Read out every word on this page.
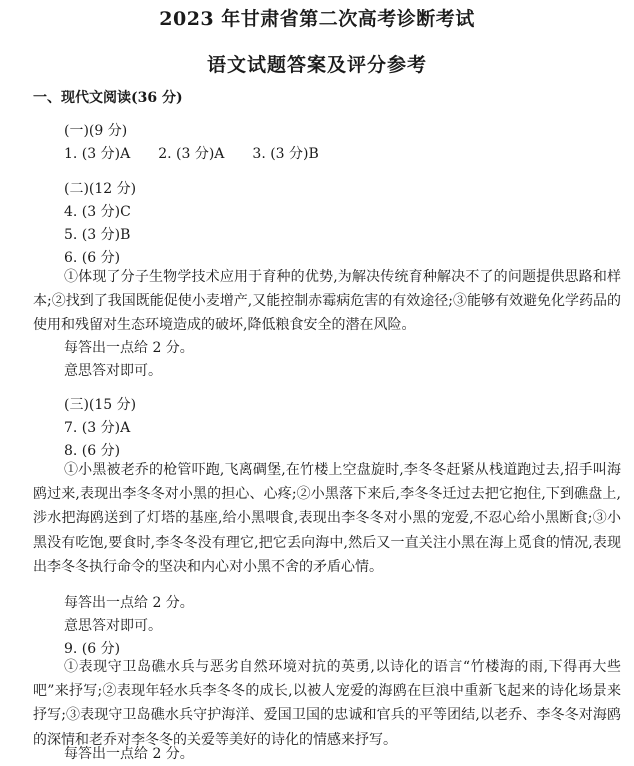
2023 年甘肃省第二次高考诊断考试
语文试题答案及评分参考
一、现代文阅读(36 分)
(一)(9 分)
1. (3 分)A 2. (3 分)A 3. (3 分)B
(二)(12 分)
4. (3 分)C
5. (3 分)B
6. (6 分)
①体现了分子生物学技术应用于育种的优势,为解决传统育种解决不了的问题提供思路和样本;②找到了我国既能促使小麦增产,又能控制赤霉病危害的有效途径;③能够有效避免化学药品的使用和残留对生态环境造成的破坏,降低粮食安全的潜在风险。
每答出一点给 2 分。
意思答对即可。
(三)(15 分)
7. (3 分)A
8. (6 分)
①小黑被老乔的枪管吓跑,飞离碉堡,在竹楼上空盘旋时,李冬冬赶紧从栈道跑过去,招手叫海鸥过来,表现出李冬冬对小黑的担心、心疼;②小黑落下来后,李冬冬迁过去把它抱住,下到礁盘上,涉水把海鸥送到了灯塔的基座,给小黑喂食,表现出李冬冬对小黑的宠爱,不忍心给小黑断食;③小黑没有吃饱,要食时,李冬冬没有理它,把它丢向海中,然后又一直关注小黑在海上觅食的情况,表现出李冬冬执行命令的坚决和内心对小黑不舍的矛盾心情。
每答出一点给 2 分。
意思答对即可。
9. (6 分)
①表现守卫岛礁水兵与恶劣自然环境对抗的英勇,以诗化的语言“竹楼海的雨,下得再大些吧”来抒写;②表现年轻水兵李冬冬的成长,以被人宠爱的海鸥在巨浪中重新飞起来的诗化场景来抒写;③表现守卫岛礁水兵守护海洋、爱国卫国的忠诚和官兵的平等团结,以老乔、李冬冬对海鸥的深情和老乔对李冬冬的关爱等美好的诗化的情感来抒写。
每答出一点给 2 分。
